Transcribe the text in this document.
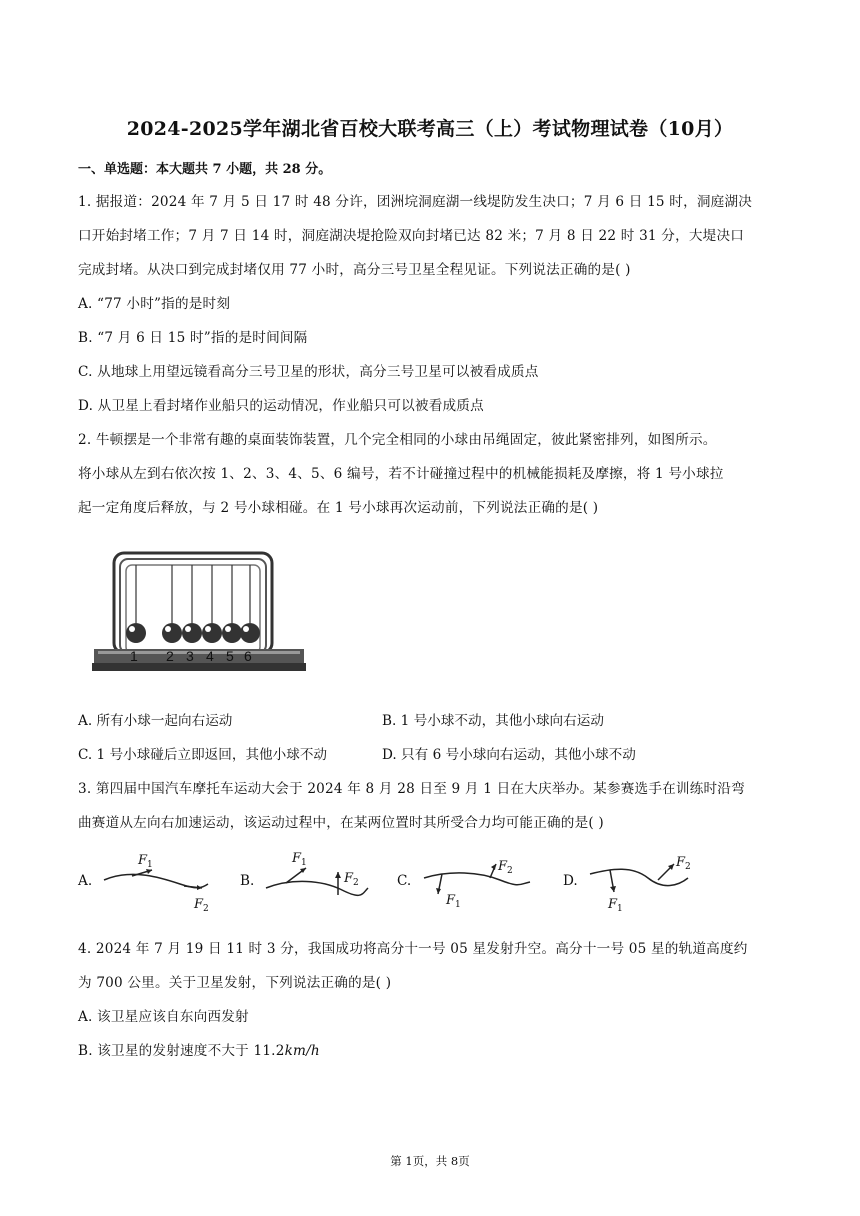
2024-2025学年湖北省百校大联考高三（上）考试物理试卷（10月）
一、单选题：本大题共 7 小题，共 28 分。
1. 据报道：2024 年 7 月 5 日 17 时 48 分许，团洲垸洞庭湖一线堤防发生决口；7 月 6 日 15 时，洞庭湖决
口开始封堵工作；7 月 7 日 14 时，洞庭湖决堤抢险双向封堵已达 82 米；7 月 8 日 22 时 31 分，大堤决口
完成封堵。从决口到完成封堵仅用 77 小时，高分三号卫星全程见证。下列说法正确的是( )
A. “77 小时”指的是时刻
B. “7 月 6 日 15 时”指的是时间间隔
C. 从地球上用望远镜看高分三号卫星的形状，高分三号卫星可以被看成质点
D. 从卫星上看封堵作业船只的运动情况，作业船只可以被看成质点
2. 牛顿摆是一个非常有趣的桌面装饰装置，几个完全相同的小球由吊绳固定，彼此紧密排列，如图所示。
将小球从左到右依次按 1、2、3、4、5、6 编号，若不计碰撞过程中的机械能损耗及摩擦，将 1 号小球拉
起一定角度后释放，与 2 号小球相碰。在 1 号小球再次运动前，下列说法正确的是( )
1 2 3 4 5 6
A. 所有小球一起向右运动	B. 1 号小球不动，其他小球向右运动
C. 1 号小球碰后立即返回，其他小球不动	D. 只有 6 号小球向右运动，其他小球不动
3. 第四届中国汽车摩托车运动大会于 2024 年 8 月 28 日至 9 月 1 日在大庆举办。某参赛选手在训练时沿弯
曲赛道从左向右加速运动，该运动过程中，在某两位置时其所受合力均可能正确的是( )
A.	B.	C.	D.
F 1
F 2
F 1
F 2
F 1
F 2
F 1
F 2
4. 2024 年 7 月 19 日 11 时 3 分，我国成功将高分十一号 05 星发射升空。高分十一号 05 星的轨道高度约
为 700 公里。关于卫星发射，下列说法正确的是( )
A. 该卫星应该自东向西发射
B. 该卫星的发射速度不大于 11.2km/h
第 1页，共 8页
